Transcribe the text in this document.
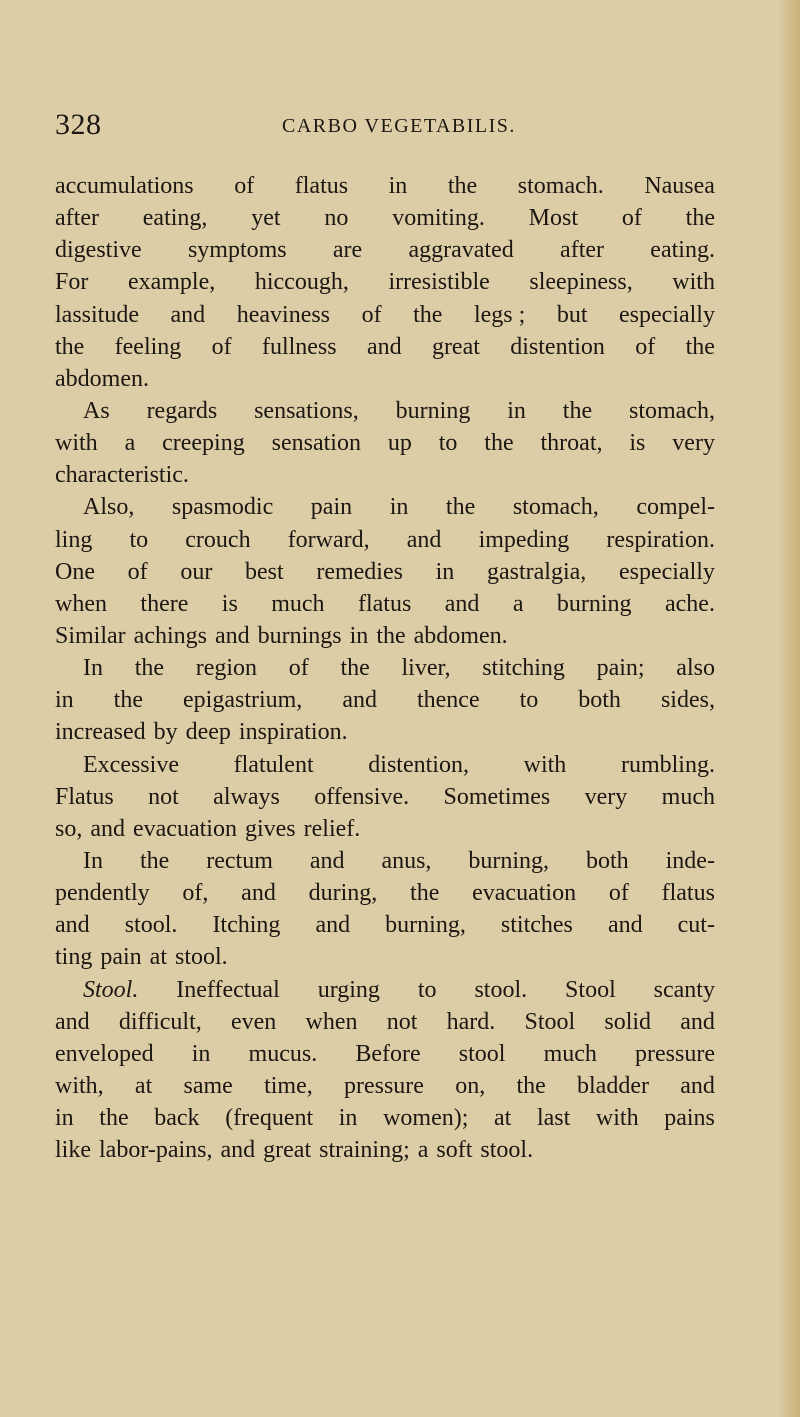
328	CARBO VEGETABILIS.
accumulations of flatus in the stomach. Nausea
after eating, yet no vomiting. Most of the
digestive symptoms are aggravated after eating.
For example, hiccough, irresistible sleepiness, with
lassitude and heaviness of the legs ; but especially
the feeling of fullness and great distention of the
abdomen.
As regards sensations, burning in the stomach,
with a creeping sensation up to the throat, is very
characteristic.
Also, spasmodic pain in the stomach, compel-
ling to crouch forward, and impeding respiration.
One of our best remedies in gastralgia, especially
when there is much flatus and a burning ache.
Similar achings and burnings in the abdomen.
In the region of the liver, stitching pain; also
in the epigastrium, and thence to both sides,
increased by deep inspiration.
Excessive flatulent distention, with rumbling.
Flatus not always offensive. Sometimes very much
so, and evacuation gives relief.
In the rectum and anus, burning, both inde-
pendently of, and during, the evacuation of flatus
and stool. Itching and burning, stitches and cut-
ting pain at stool.
Stool. Ineffectual urging to stool. Stool scanty
and difficult, even when not hard. Stool solid and
enveloped in mucus. Before stool much pressure
with, at same time, pressure on, the bladder and
in the back (frequent in women); at last with pains
like labor-pains, and great straining; a soft stool.
